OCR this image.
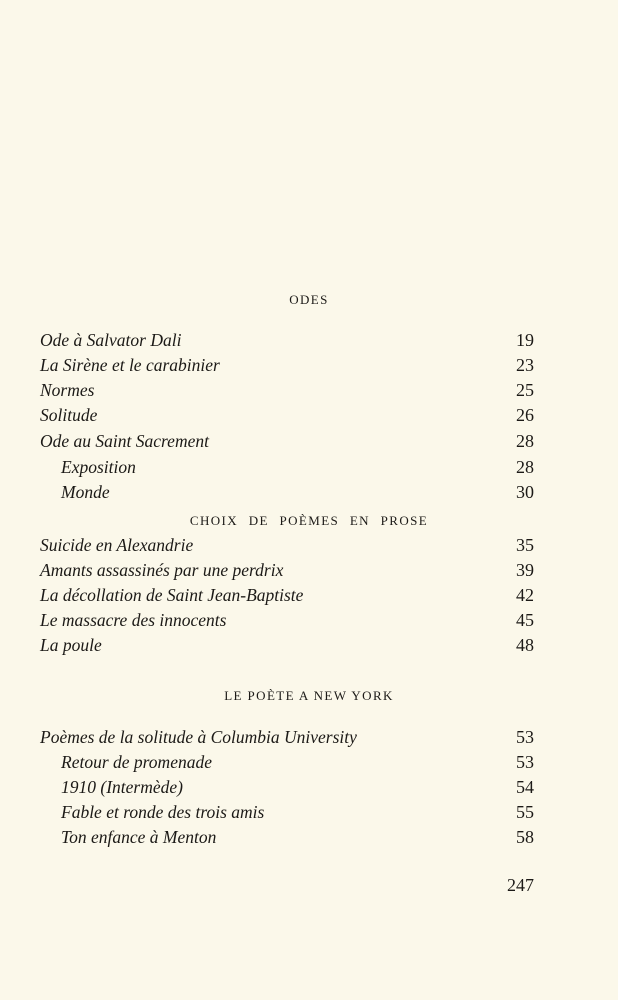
ODES
Ode à Salvator Dali	19
La Sirène et le carabinier	23
Normes	25
Solitude	26
Ode au Saint Sacrement	28
Exposition	28
Monde	30
CHOIX DE POÈMES EN PROSE
Suicide en Alexandrie	35
Amants assassinés par une perdrix	39
La décollation de Saint Jean-Baptiste	42
Le massacre des innocents	45
La poule	48
LE POÈTE A NEW YORK
Poèmes de la solitude à Columbia University	53
Retour de promenade	53
1910 (Intermède)	54
Fable et ronde des trois amis	55
Ton enfance à Menton	58
247
